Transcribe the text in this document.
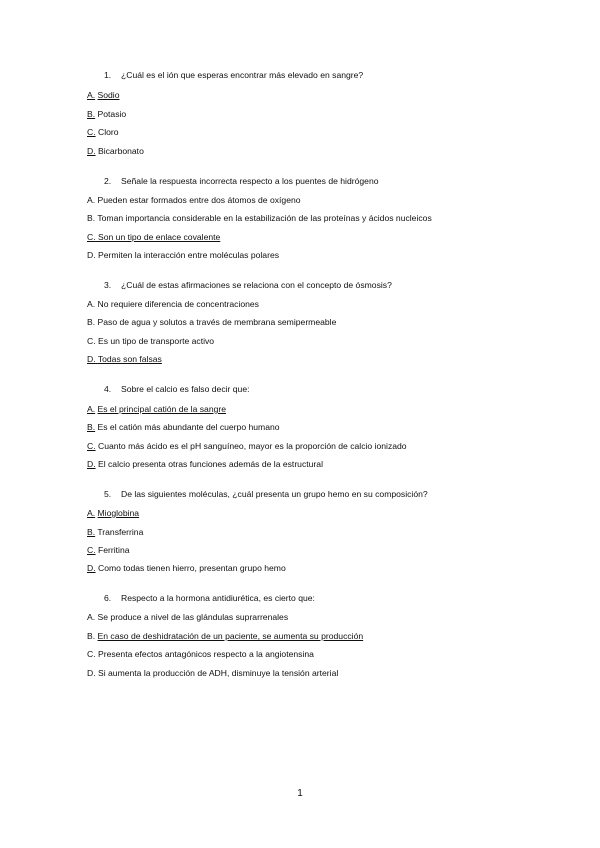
1. ¿Cuál es el ión que esperas encontrar más elevado en sangre?
A. Sodio
B. Potasio
C. Cloro
D. Bicarbonato
2. Señale la respuesta incorrecta respecto a los puentes de hidrógeno
A. Pueden estar formados entre dos átomos de oxígeno
B. Toman importancia considerable en la estabilización de las proteínas y ácidos nucleicos
C. Son un tipo de enlace covalente
D. Permiten la interacción entre moléculas polares
3. ¿Cuál de estas afirmaciones se relaciona con el concepto de ósmosis?
A. No requiere diferencia de concentraciones
B. Paso de agua y solutos a través de membrana semipermeable
C. Es un tipo de transporte activo
D. Todas son falsas
4. Sobre el calcio es falso decir que:
A. Es el principal catión de la sangre
B. Es el catión más abundante del cuerpo humano
C. Cuanto más ácido es el pH sanguíneo, mayor es la proporción de calcio ionizado
D. El calcio presenta otras funciones además de la estructural
5. De las siguientes moléculas, ¿cuál presenta un grupo hemo en su composición?
A. Mioglobina
B. Transferrina
C. Ferritina
D. Como todas tienen hierro, presentan grupo hemo
6. Respecto a la hormona antidiurética, es cierto que:
A. Se produce a nivel de las glándulas suprarrenales
B. En caso de deshidratación de un paciente, se aumenta su producción
C. Presenta efectos antagónicos respecto a la angiotensina
D. Si aumenta la producción de ADH, disminuye la tensión arterial
1
